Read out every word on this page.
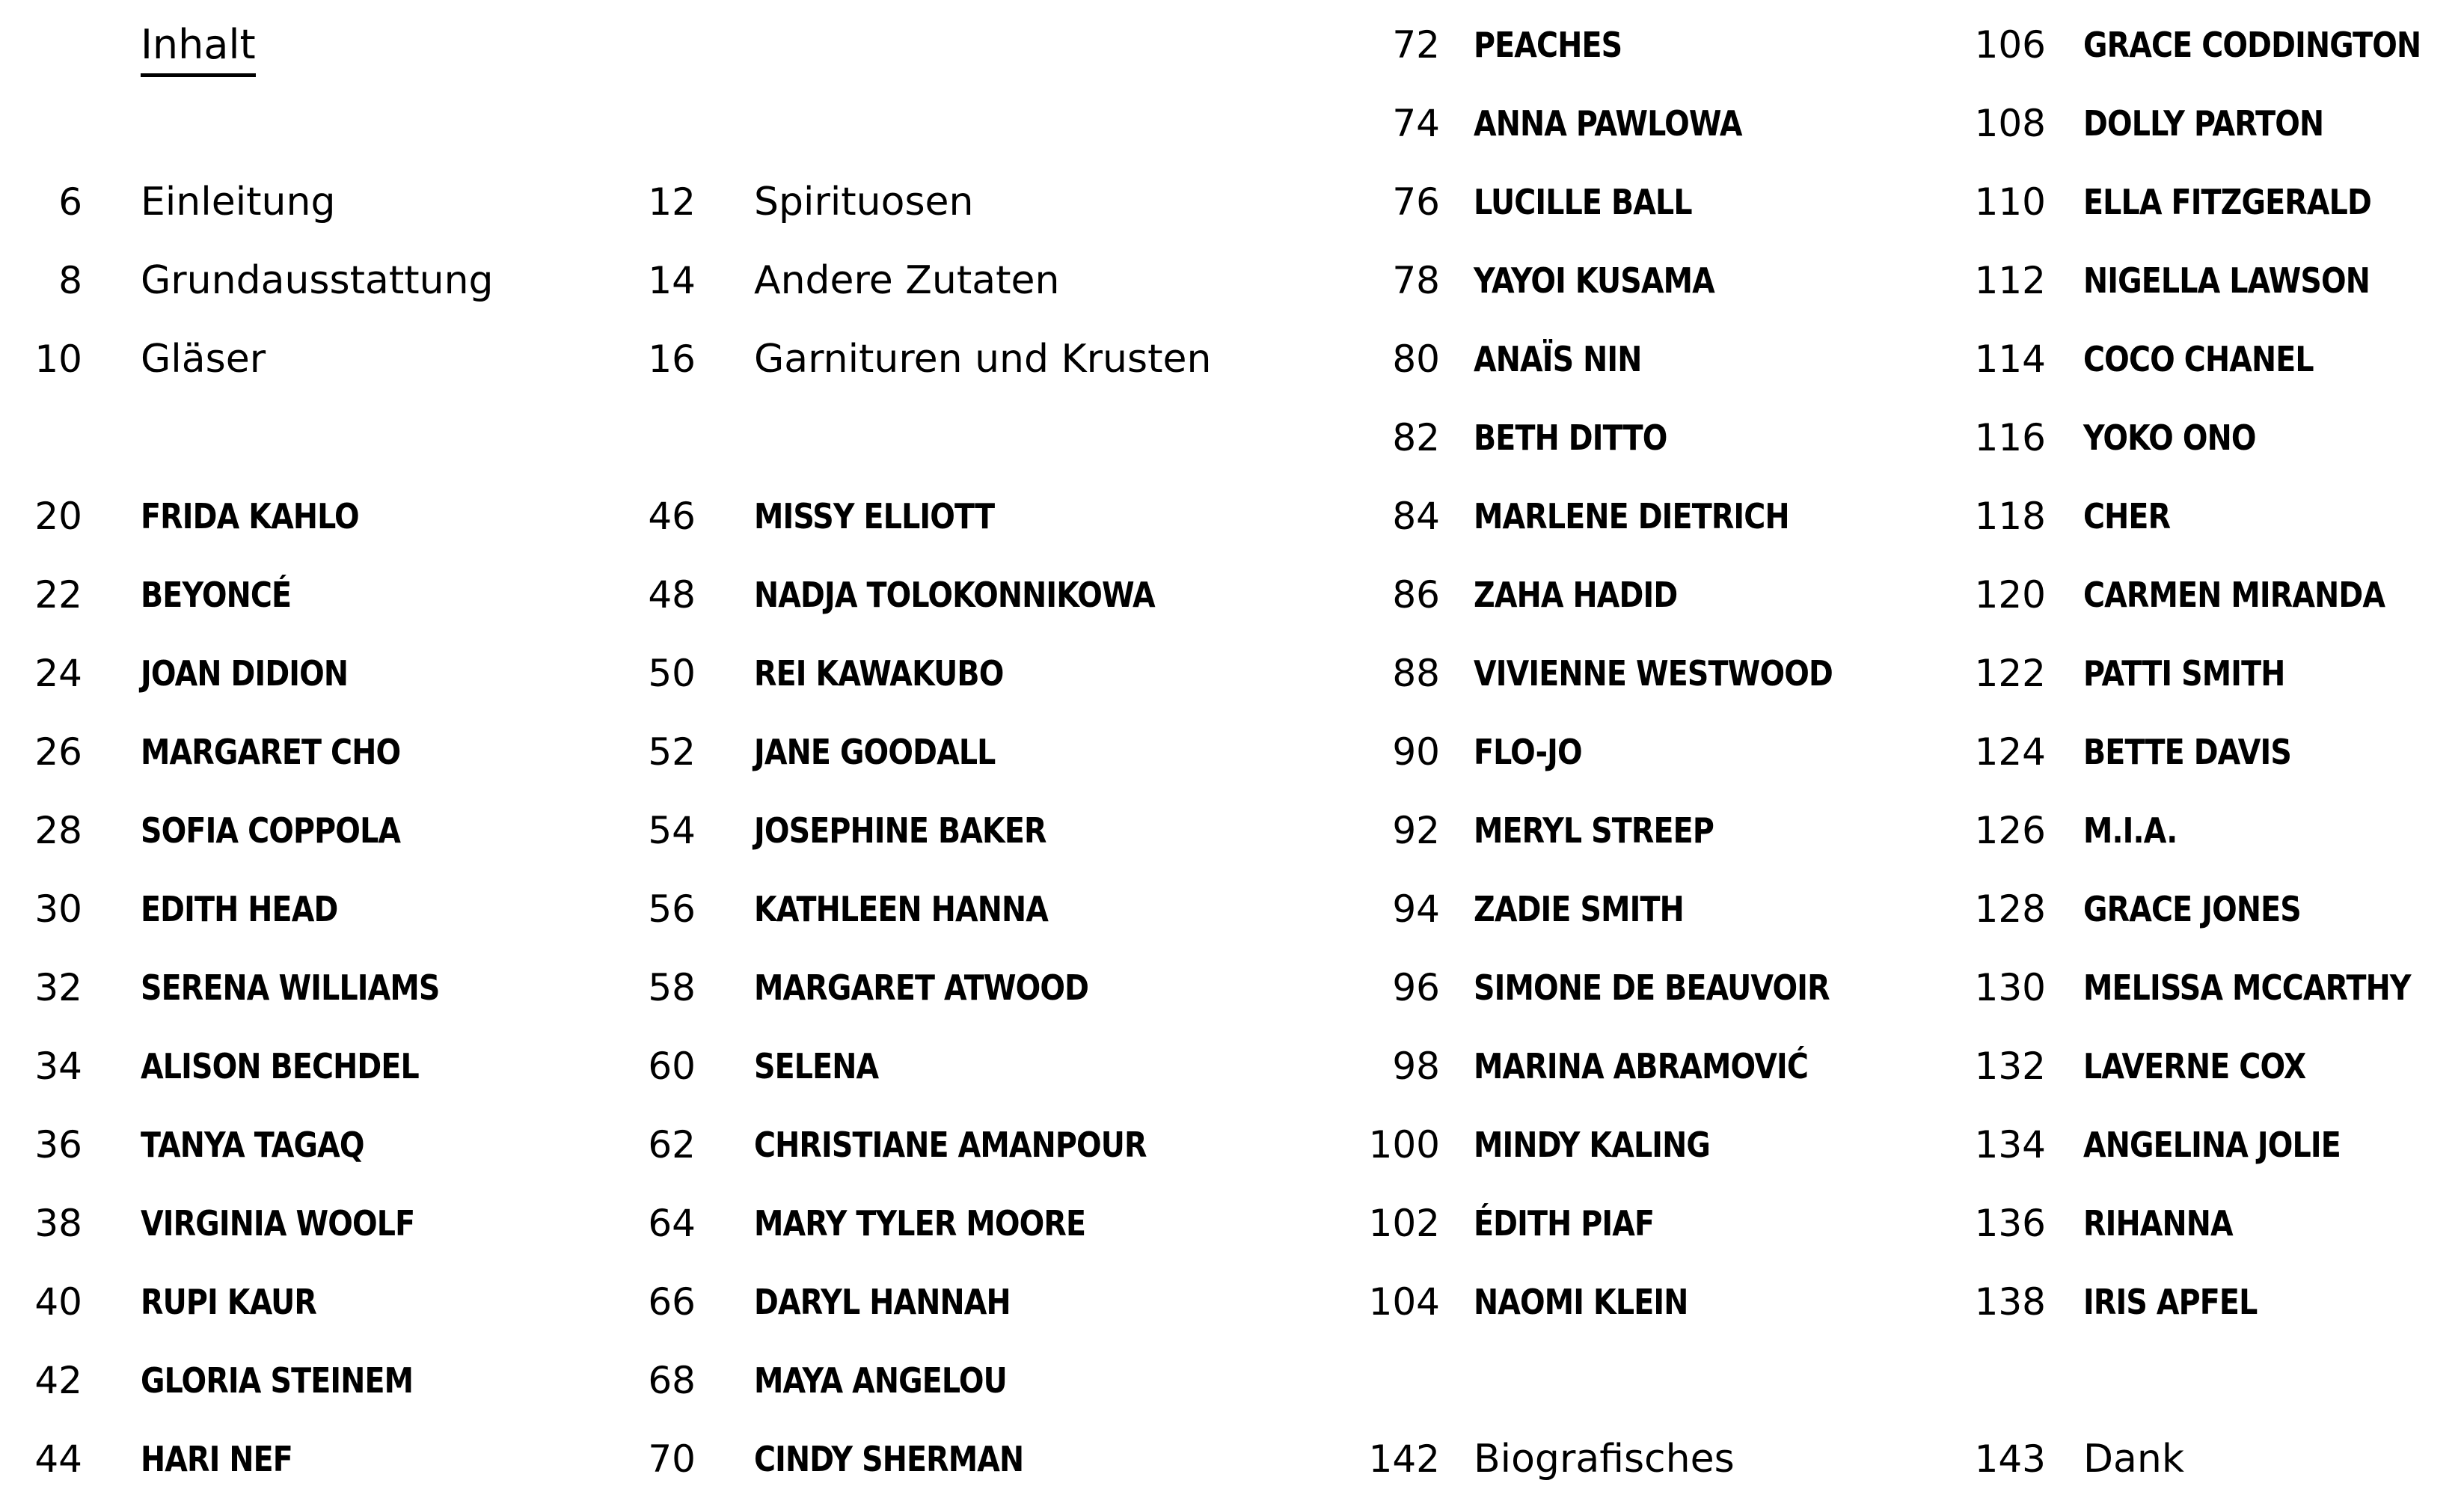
Inhalt
6 Einleitung
8 Grundausstattung
10 Gläser
20 FRIDA KAHLO
22 BEYONCÉ
24 JOAN DIDION
26 MARGARET CHO
28 SOFIA COPPOLA
30 EDITH HEAD
32 SERENA WILLIAMS
34 ALISON BECHDEL
36 TANYA TAGAQ
38 VIRGINIA WOOLF
40 RUPI KAUR
42 GLORIA STEINEM
44 HARI NEF
12 Spirituosen
14 Andere Zutaten
16 Garnituren und Krusten
46 MISSY ELLIOTT
48 NADJA TOLOKONNIKOWA
50 REI KAWAKUBO
52 JANE GOODALL
54 JOSEPHINE BAKER
56 KATHLEEN HANNA
58 MARGARET ATWOOD
60 SELENA
62 CHRISTIANE AMANPOUR
64 MARY TYLER MOORE
66 DARYL HANNAH
68 MAYA ANGELOU
70 CINDY SHERMAN
72 PEACHES
74 ANNA PAWLOWA
76 LUCILLE BALL
78 YAYOI KUSAMA
80 ANAÏS NIN
82 BETH DITTO
84 MARLENE DIETRICH
86 ZAHA HADID
88 VIVIENNE WESTWOOD
90 FLO-JO
92 MERYL STREEP
94 ZADIE SMITH
96 SIMONE DE BEAUVOIR
98 MARINA ABRAMOVIĆ
100 MINDY KALING
102 ÉDITH PIAF
104 NAOMI KLEIN
142 Biografisches
106 GRACE CODDINGTON
108 DOLLY PARTON
110 ELLA FITZGERALD
112 NIGELLA LAWSON
114 COCO CHANEL
116 YOKO ONO
118 CHER
120 CARMEN MIRANDA
122 PATTI SMITH
124 BETTE DAVIS
126 M.I.A.
128 GRACE JONES
130 MELISSA MCCARTHY
132 LAVERNE COX
134 ANGELINA JOLIE
136 RIHANNA
138 IRIS APFEL
143 Dank
